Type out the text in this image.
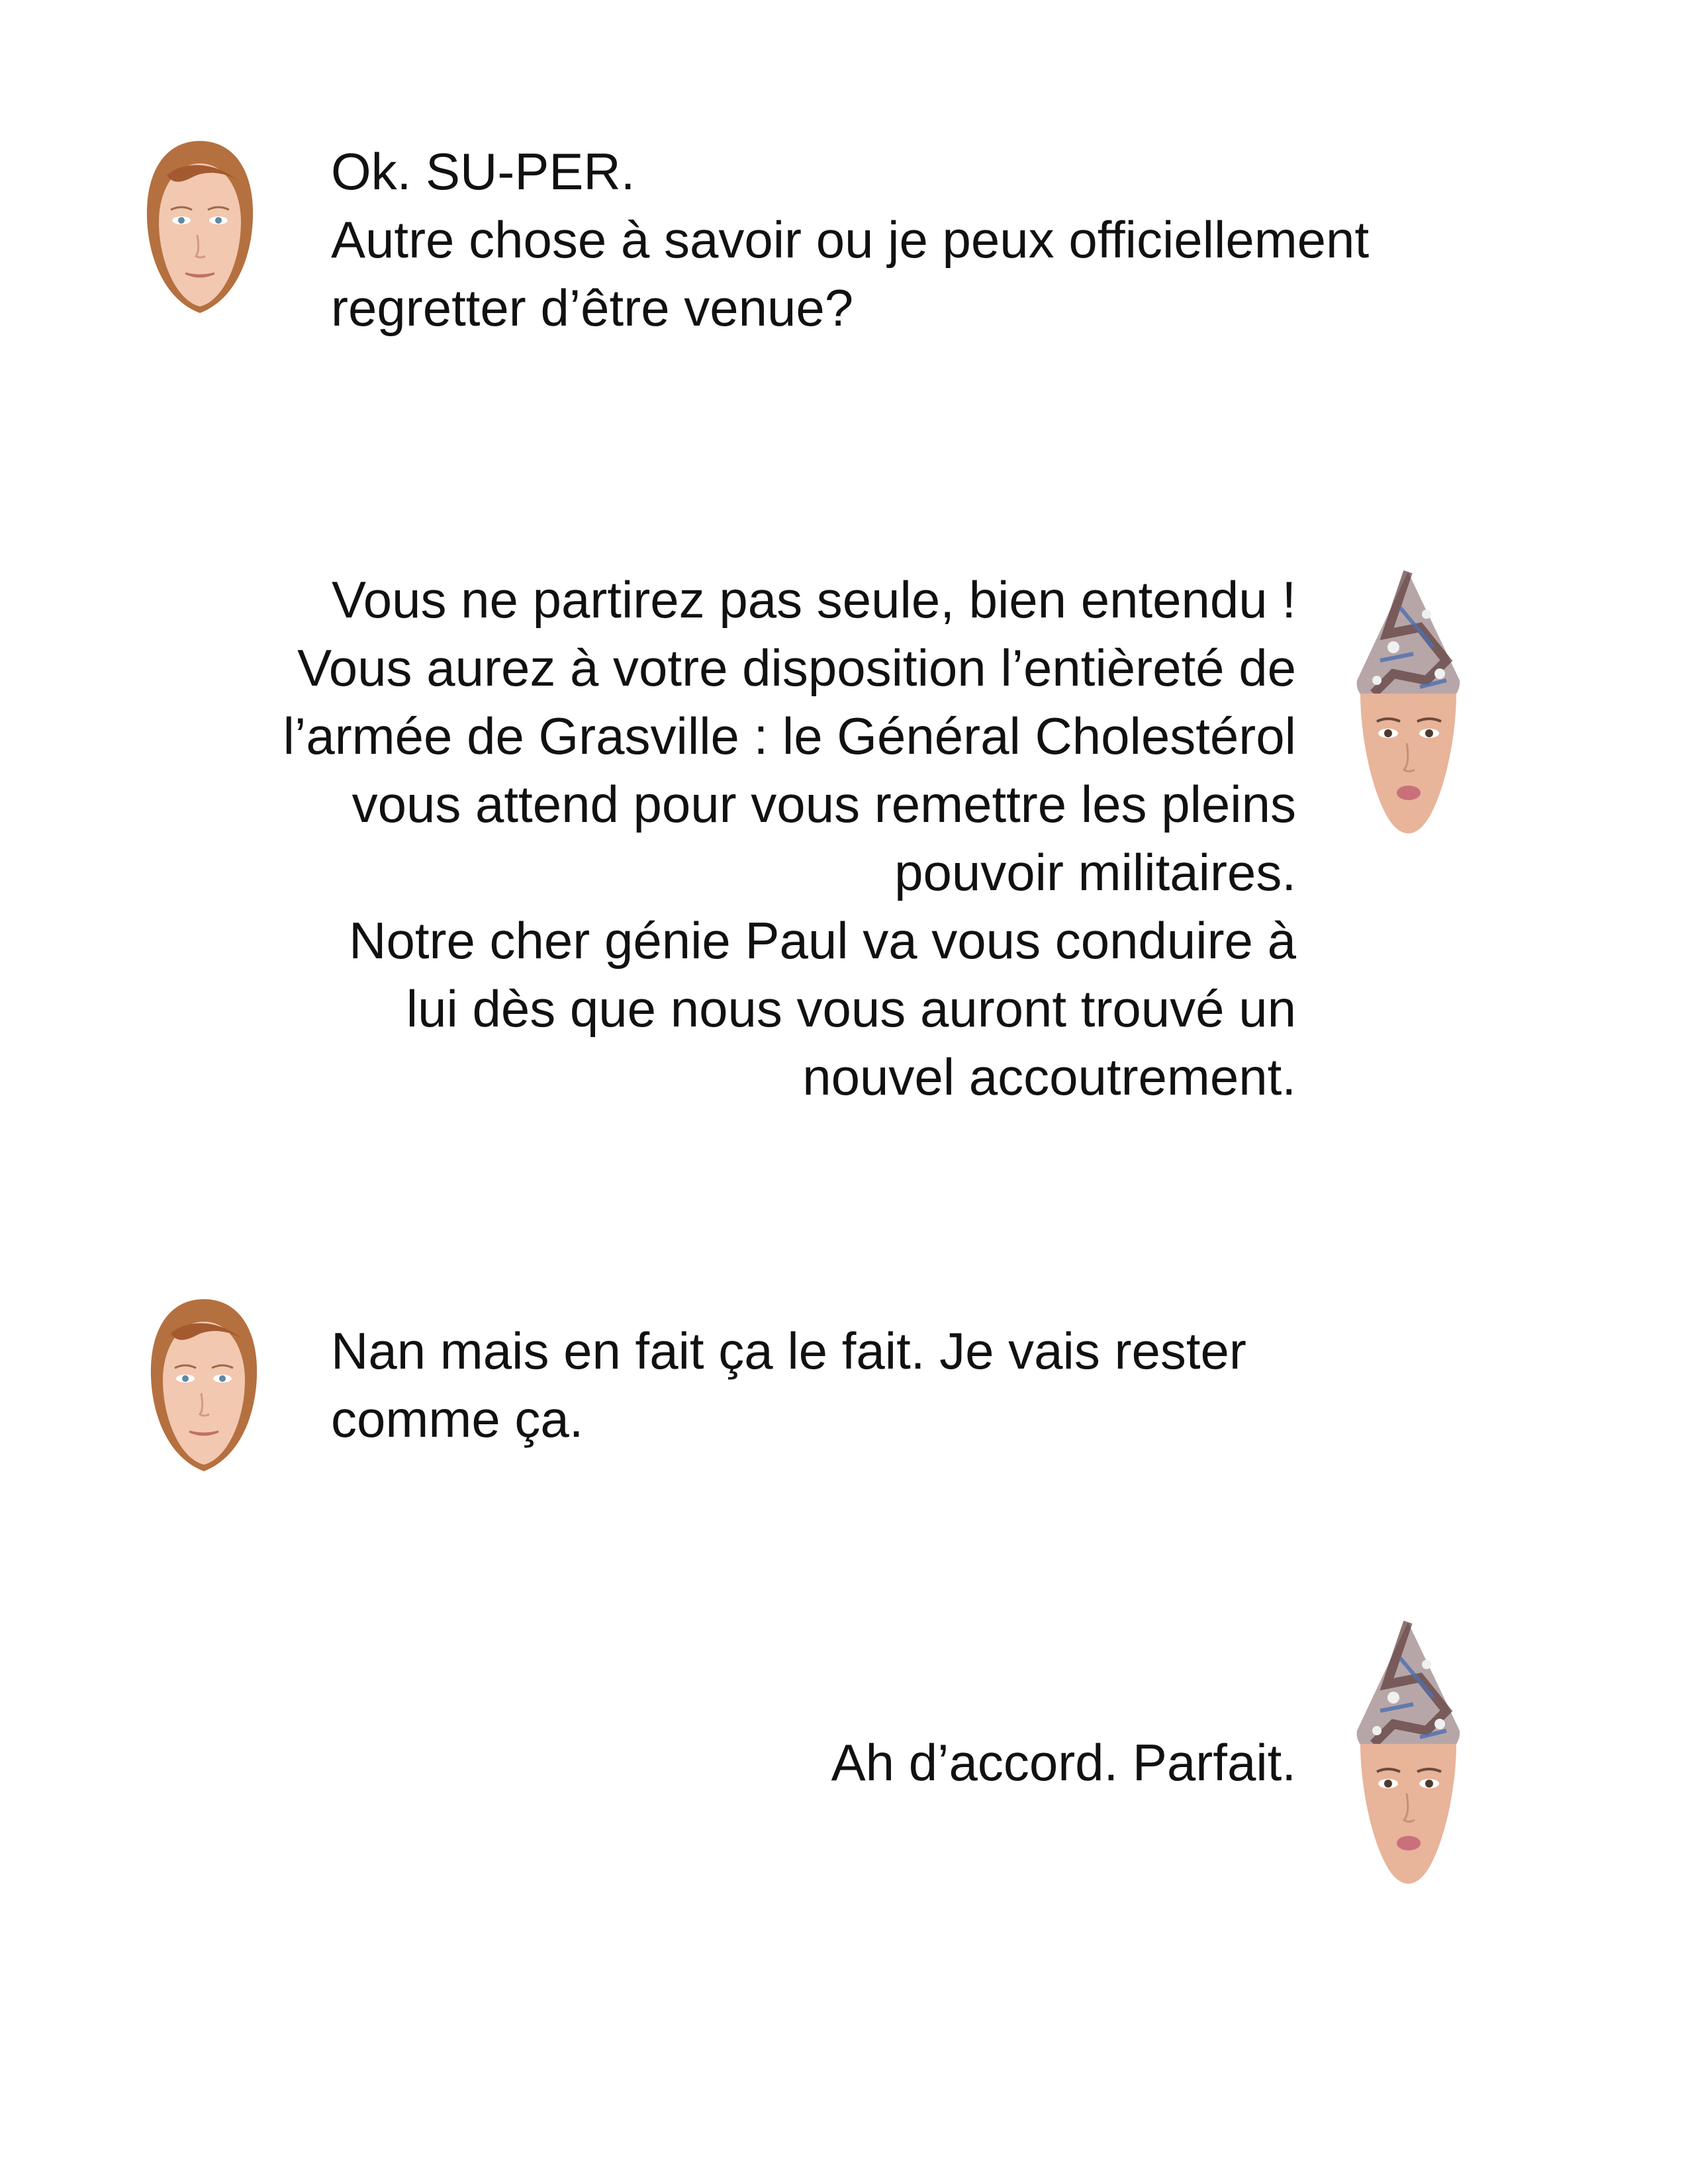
Ok. SU-PER.
Autre chose à savoir ou je peux officiellement
regretter d’être venue?
Vous ne partirez pas seule, bien entendu !
Vous aurez à votre disposition l’entièreté de
l’armée de Grasville : le Général Cholestérol
vous attend pour vous remettre les pleins
pouvoir militaires.
Notre cher génie Paul va vous conduire à
lui dès que nous vous auront trouvé un
nouvel accoutrement.
Nan mais en fait ça le fait. Je vais rester
comme ça.
Ah d’accord. Parfait.
